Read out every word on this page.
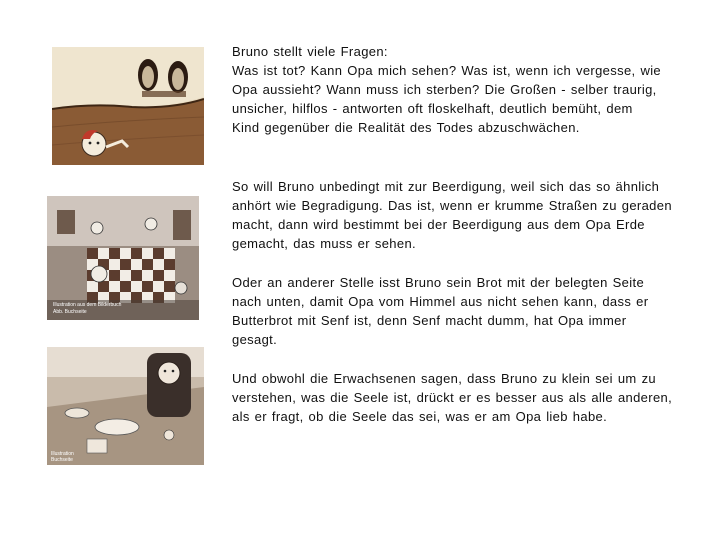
Illustration aus dem Bilderbuch
Abb. Buchseite
Illustration
Buchseite
Bruno stellt viele Fragen:
Was ist tot? Kann Opa mich sehen? Was ist, wenn ich vergesse, wie
Opa aussieht? Wann muss ich sterben? Die Großen - selber traurig,
unsicher, hilflos - antworten oft floskelhaft, deutlich bemüht, dem
Kind gegenüber die Realität des Todes abzuschwächen.
So will Bruno unbedingt mit zur Beerdigung, weil sich das so ähnlich
anhört wie Begradigung. Das ist, wenn er krumme Straßen zu geraden
macht, dann wird bestimmt bei der Beerdigung aus dem Opa Erde
gemacht, das muss er sehen.
Oder an anderer Stelle isst Bruno sein Brot mit der belegten Seite
nach unten, damit Opa vom Himmel aus nicht sehen kann, dass er
Butterbrot mit Senf ist, denn Senf macht dumm, hat Opa immer
gesagt.
Und obwohl die Erwachsenen sagen, dass Bruno zu klein sei um zu
verstehen, was die Seele ist, drückt er es besser aus als alle anderen,
als er fragt, ob die Seele das sei, was er am Opa lieb habe.
